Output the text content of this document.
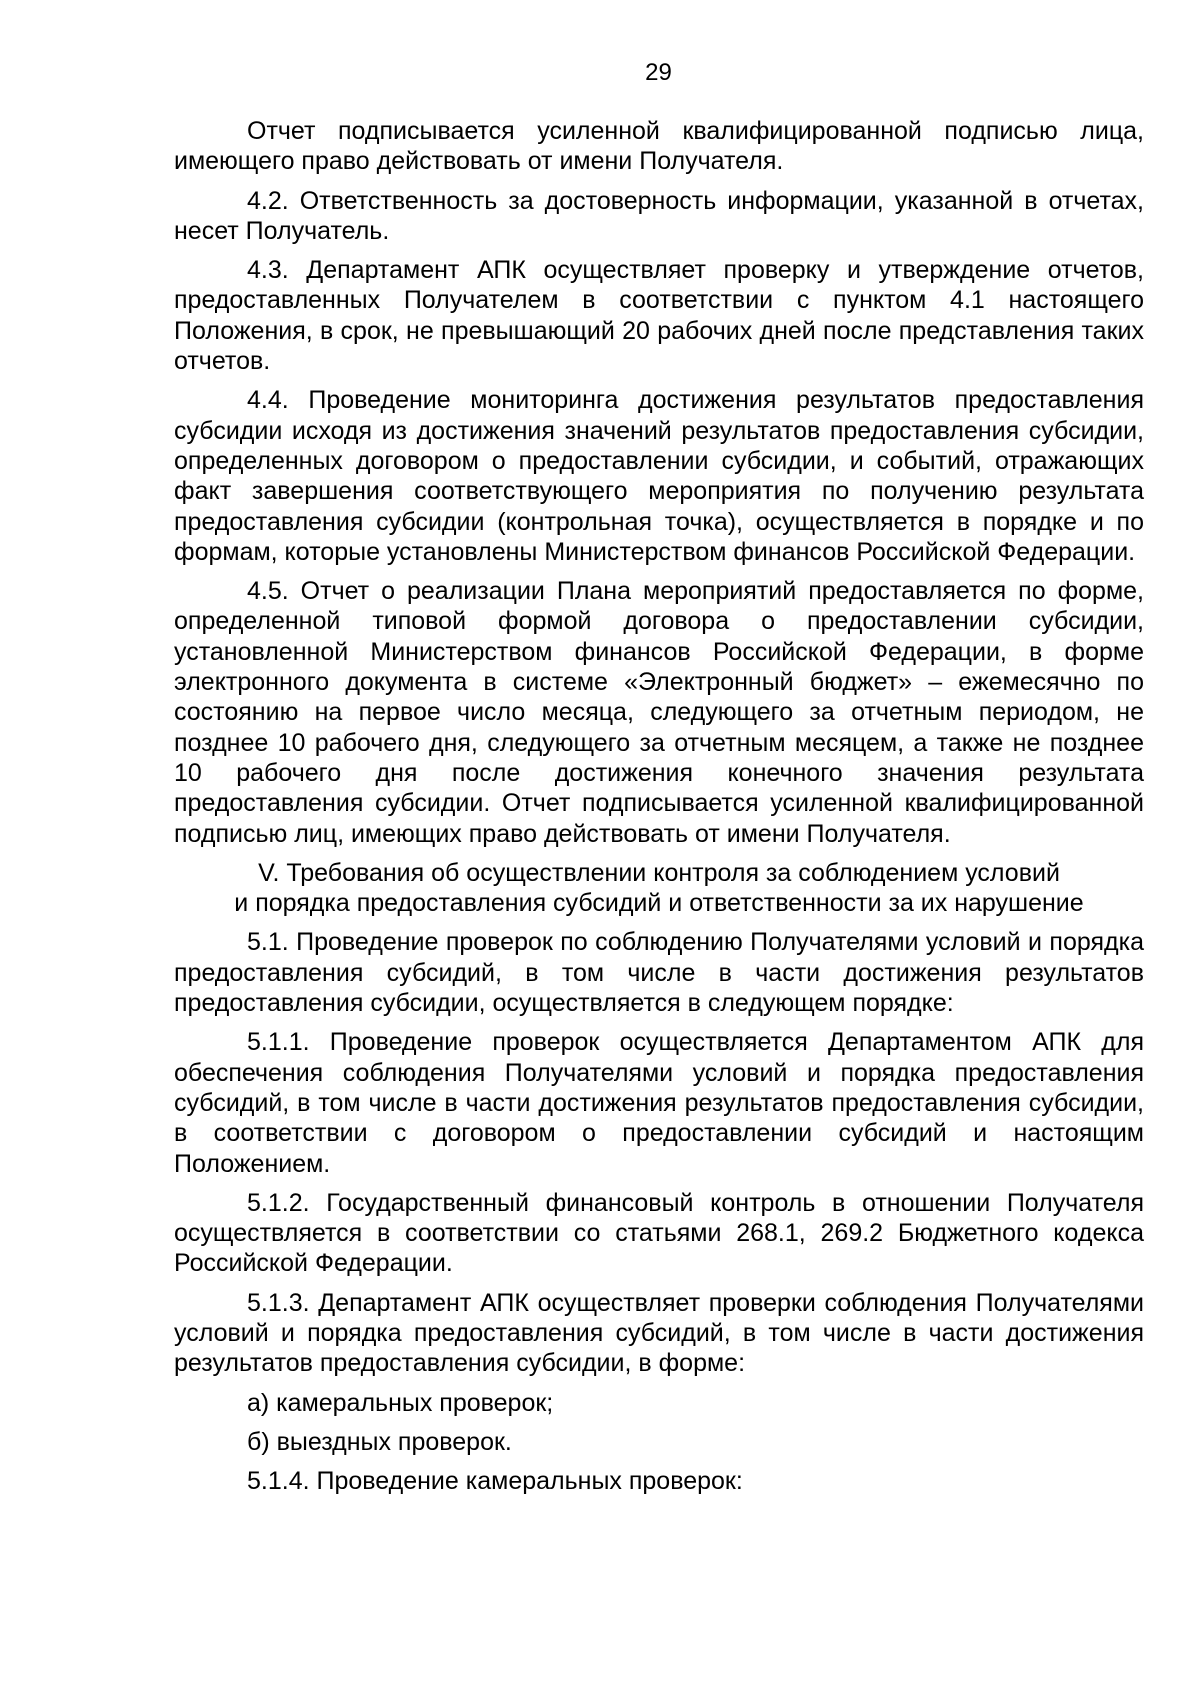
29

Отчет подписывается усиленной квалифицированной подписью лица, имеющего право действовать от имени Получателя.

4.2. Ответственность за достоверность информации, указанной в отчетах, несет Получатель.

4.3. Департамент АПК осуществляет проверку и утверждение отчетов, предоставленных Получателем в соответствии с пунктом 4.1 настоящего Положения, в срок, не превышающий 20 рабочих дней после представления таких отчетов.

4.4. Проведение мониторинга достижения результатов предоставления субсидии исходя из достижения значений результатов предоставления субсидии, определенных договором о предоставлении субсидии, и событий, отражающих факт завершения соответствующего мероприятия по получению результата предоставления субсидии (контрольная точка), осуществляется в порядке и по формам, которые установлены Министерством финансов Российской Федерации.

4.5. Отчет о реализации Плана мероприятий предоставляется по форме, определенной типовой формой договора о предоставлении субсидии, установленной Министерством финансов Российской Федерации, в форме электронного документа в системе «Электронный бюджет» – ежемесячно по состоянию на первое число месяца, следующего за отчетным периодом, не позднее 10 рабочего дня, следующего за отчетным месяцем, а также не позднее 10 рабочего дня после достижения конечного значения результата предоставления субсидии. Отчет подписывается усиленной квалифицированной подписью лиц, имеющих право действовать от имени Получателя.

V. Требования об осуществлении контроля за соблюдением условий
и порядка предоставления субсидий и ответственности за их нарушение

5.1. Проведение проверок по соблюдению Получателями условий и порядка предоставления субсидий, в том числе в части достижения результатов предоставления субсидии, осуществляется в следующем порядке:

5.1.1. Проведение проверок осуществляется Департаментом АПК для обеспечения соблюдения Получателями условий и порядка предоставления субсидий, в том числе в части достижения результатов предоставления субсидии, в соответствии с договором о предоставлении субсидий и настоящим Положением.

5.1.2. Государственный финансовый контроль в отношении Получателя осуществляется в соответствии со статьями 268.1, 269.2 Бюджетного кодекса Российской Федерации.

5.1.3. Департамент АПК осуществляет проверки соблюдения Получателями условий и порядка предоставления субсидий, в том числе в части достижения результатов предоставления субсидии, в форме:

а) камеральных проверок;

б) выездных проверок.

5.1.4. Проведение камеральных проверок:
